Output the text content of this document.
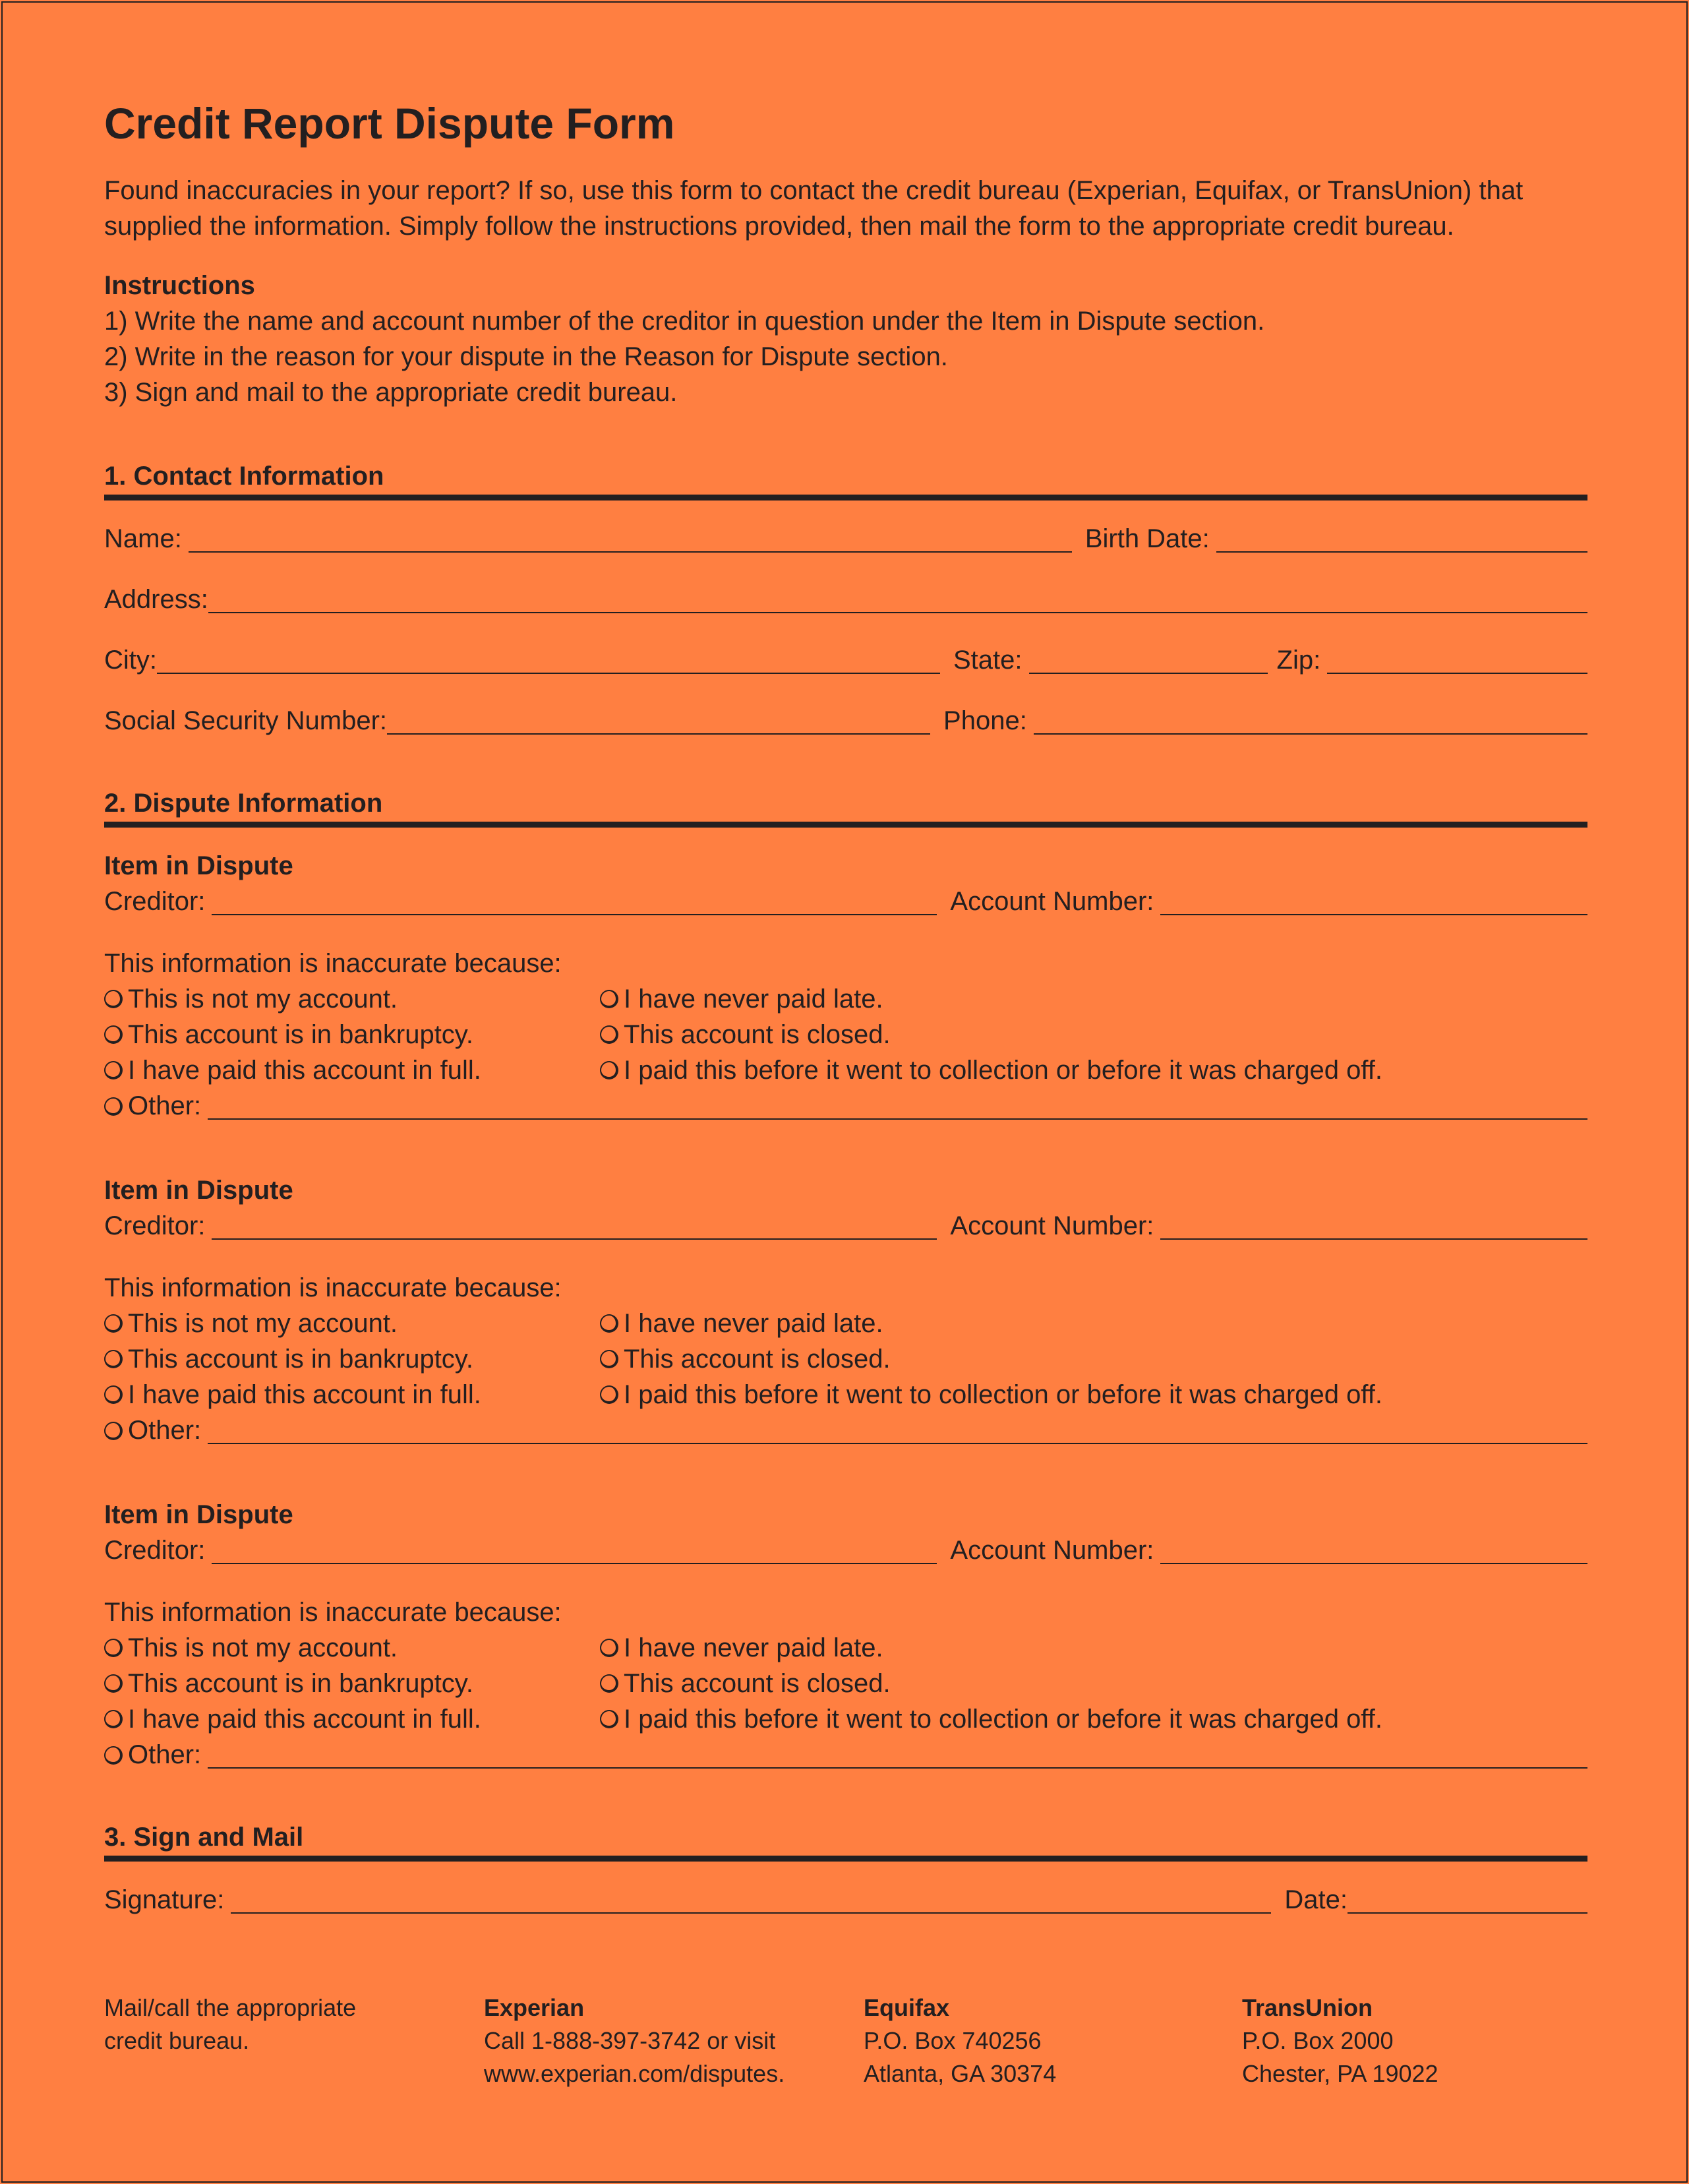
Credit Report Dispute Form
Found inaccuracies in your report? If so, use this form to contact the credit bureau (Experian, Equifax, or TransUnion) that
supplied the information. Simply follow the instructions provided, then mail the form to the appropriate credit bureau.
Instructions
1) Write the name and account number of the creditor in question under the Item in Dispute section.
2) Write in the reason for your dispute in the Reason for Dispute section.
3) Sign and mail to the appropriate credit bureau.
1. Contact Information
Name:	Birth Date:
Address:
City:	State:	Zip:
Social Security Number:	Phone:
2. Dispute Information
Item in Dispute
Creditor:	Account Number:
This information is inaccurate because:
This is not my account.
This account is in bankruptcy.
I have paid this account in full.
I have never paid late.
This account is closed.
I paid this before it went to collection or before it was charged off.
Other:
Item in Dispute
Creditor:	Account Number:
This information is inaccurate because:
This is not my account.
This account is in bankruptcy.
I have paid this account in full.
I have never paid late.
This account is closed.
I paid this before it went to collection or before it was charged off.
Other:
Item in Dispute
Creditor:	Account Number:
This information is inaccurate because:
This is not my account.
This account is in bankruptcy.
I have paid this account in full.
I have never paid late.
This account is closed.
I paid this before it went to collection or before it was charged off.
Other:
3. Sign and Mail
Signature:	Date:
Mail/call the appropriate
credit bureau.
Experian
Call 1-888-397-3742 or visit
www.experian.com/disputes.
Equifax
P.O. Box 740256
Atlanta, GA 30374
TransUnion
P.O. Box 2000
Chester, PA 19022
